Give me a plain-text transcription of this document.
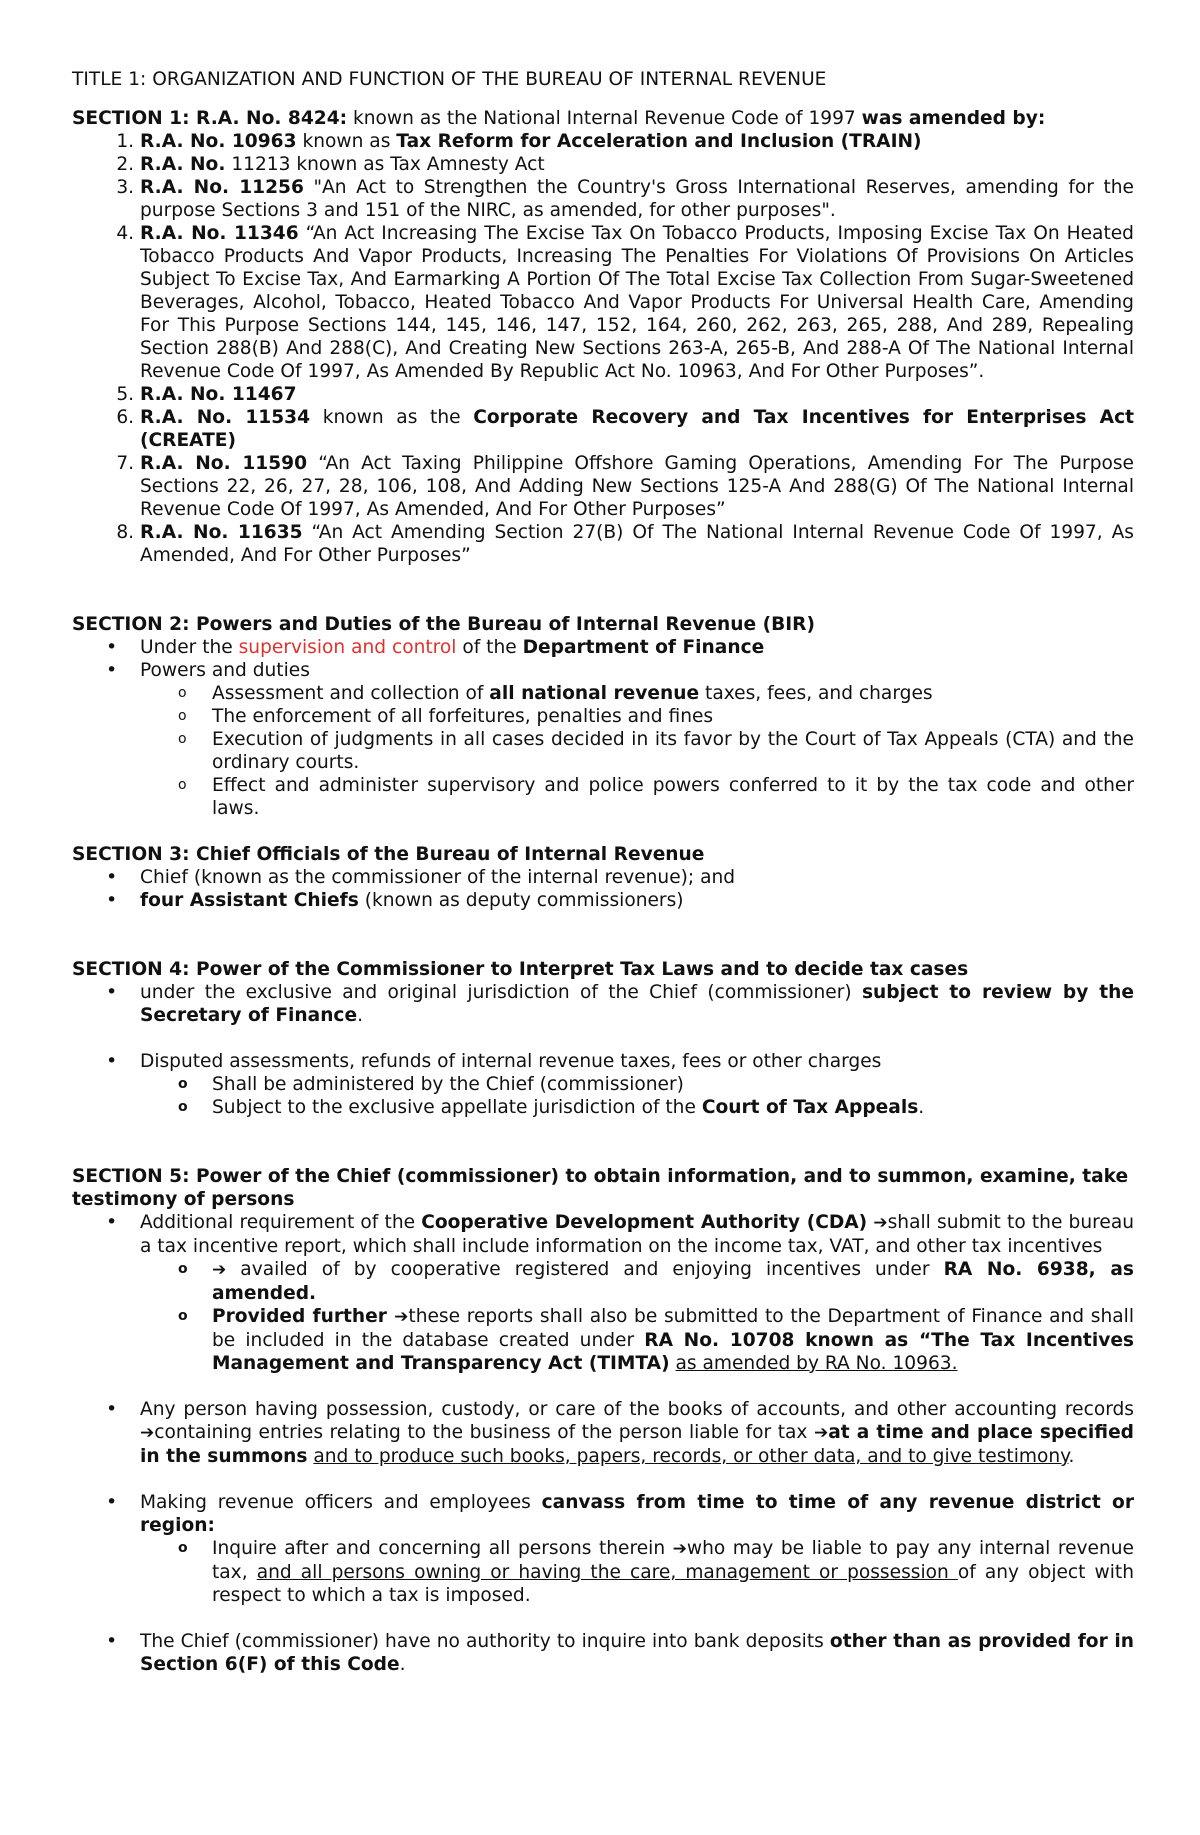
TITLE 1: ORGANIZATION AND FUNCTION OF THE BUREAU OF INTERNAL REVENUE
SECTION 1: R.A. No. 8424: known as the National Internal Revenue Code of 1997 was amended by:
1. R.A. No. 10963 known as Tax Reform for Acceleration and Inclusion (TRAIN)
2. R.A. No. 11213 known as Tax Amnesty Act
3. R.A. No. 11256 "An Act to Strengthen the Country's Gross International Reserves, amending for the purpose Sections 3 and 151 of the NIRC, as amended, for other purposes".
4. R.A. No. 11346 “An Act Increasing The Excise Tax On Tobacco Products, Imposing Excise Tax On Heated Tobacco Products And Vapor Products, Increasing The Penalties For Violations Of Provisions On Articles Subject To Excise Tax, And Earmarking A Portion Of The Total Excise Tax Collection From Sugar-Sweetened Beverages, Alcohol, Tobacco, Heated Tobacco And Vapor Products For Universal Health Care, Amending For This Purpose Sections 144, 145, 146, 147, 152, 164, 260, 262, 263, 265, 288, And 289, Repealing Section 288(B) And 288(C), And Creating New Sections 263-A, 265-B, And 288-A Of The National Internal Revenue Code Of 1997, As Amended By Republic Act No. 10963, And For Other Purposes”.
5. R.A. No. 11467
6. R.A. No. 11534 known as the Corporate Recovery and Tax Incentives for Enterprises Act (CREATE)
7. R.A. No. 11590 “An Act Taxing Philippine Offshore Gaming Operations, Amending For The Purpose Sections 22, 26, 27, 28, 106, 108, And Adding New Sections 125-A And 288(G) Of The National Internal Revenue Code Of 1997, As Amended, And For Other Purposes”
8. R.A. No. 11635 “An Act Amending Section 27(B) Of The National Internal Revenue Code Of 1997, As Amended, And For Other Purposes”
SECTION 2: Powers and Duties of the Bureau of Internal Revenue (BIR)
• Under the supervision and control of the Department of Finance
• Powers and duties
o Assessment and collection of all national revenue taxes, fees, and charges
o The enforcement of all forfeitures, penalties and fines
o Execution of judgments in all cases decided in its favor by the Court of Tax Appeals (CTA) and the ordinary courts.
o Effect and administer supervisory and police powers conferred to it by the tax code and other laws.
SECTION 3: Chief Officials of the Bureau of Internal Revenue
• Chief (known as the commissioner of the internal revenue); and
• four Assistant Chiefs (known as deputy commissioners)
SECTION 4: Power of the Commissioner to Interpret Tax Laws and to decide tax cases
• under the exclusive and original jurisdiction of the Chief (commissioner) subject to review by the Secretary of Finance.
• Disputed assessments, refunds of internal revenue taxes, fees or other charges
o Shall be administered by the Chief (commissioner)
o Subject to the exclusive appellate jurisdiction of the Court of Tax Appeals.
SECTION 5: Power of the Chief (commissioner) to obtain information, and to summon, examine, take testimony of persons
• Additional requirement of the Cooperative Development Authority (CDA) ➔shall submit to the bureau a tax incentive report, which shall include information on the income tax, VAT, and other tax incentives
o ➔ availed of by cooperative registered and enjoying incentives under RA No. 6938, as amended.
o Provided further ➔these reports shall also be submitted to the Department of Finance and shall be included in the database created under RA No. 10708 known as “The Tax Incentives Management and Transparency Act (TIMTA) as amended by RA No. 10963.
• Any person having possession, custody, or care of the books of accounts, and other accounting records ➔containing entries relating to the business of the person liable for tax ➔at a time and place specified in the summons and to produce such books, papers, records, or other data, and to give testimony.
• Making revenue officers and employees canvass from time to time of any revenue district or region:
o Inquire after and concerning all persons therein ➔who may be liable to pay any internal revenue tax, and all persons owning or having the care, management or possession of any object with respect to which a tax is imposed.
• The Chief (commissioner) have no authority to inquire into bank deposits other than as provided for in Section 6(F) of this Code.
